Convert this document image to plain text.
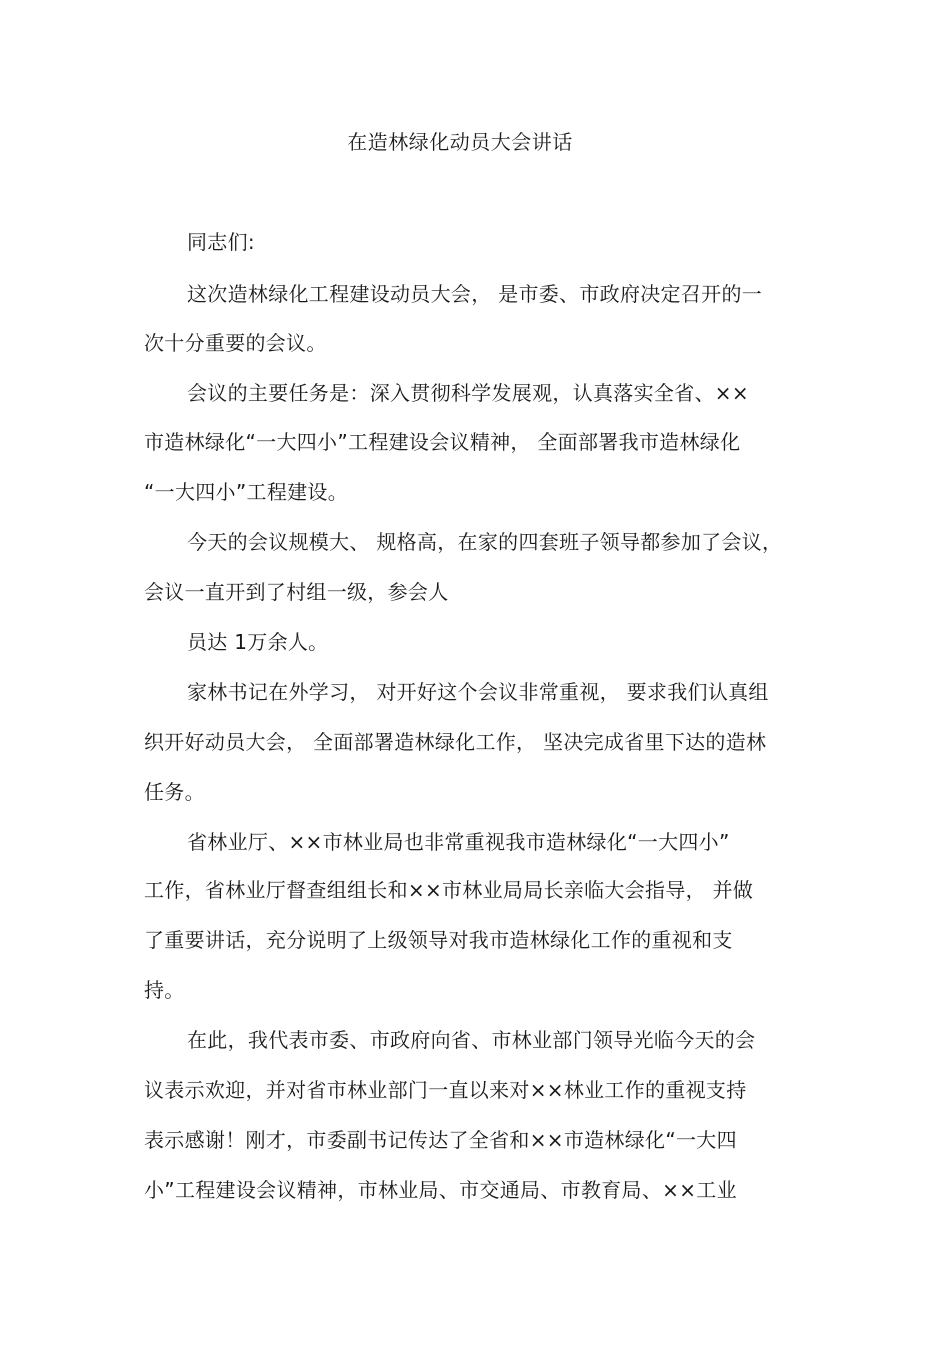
在造林绿化动员大会讲话
同志们:
这次造林绿化工程建设动员大会， 是市委、市政府决定召开的一
次十分重要的会议。
会议的主要任务是：深入贯彻科学发展观，认真落实全省、××
市造林绿化“一大四小”工程建设会议精神， 全面部署我市造林绿化
“一大四小”工程建设。
今天的会议规模大、 规格高，在家的四套班子领导都参加了会议，
会议一直开到了村组一级，参会人
员达 1万余人。
家林书记在外学习， 对开好这个会议非常重视， 要求我们认真组
织开好动员大会， 全面部署造林绿化工作， 坚决完成省里下达的造林
任务。
省林业厅、××市林业局也非常重视我市造林绿化“一大四小”
工作，省林业厅督查组组长和××市林业局局长亲临大会指导， 并做
了重要讲话，充分说明了上级领导对我市造林绿化工作的重视和支
持。
在此，我代表市委、市政府向省、市林业部门领导光临今天的会
议表示欢迎，并对省市林业部门一直以来对××林业工作的重视支持
表示感谢！刚才，市委副书记传达了全省和××市造林绿化“一大四
小”工程建设会议精神，市林业局、市交通局、市教育局、××工业
